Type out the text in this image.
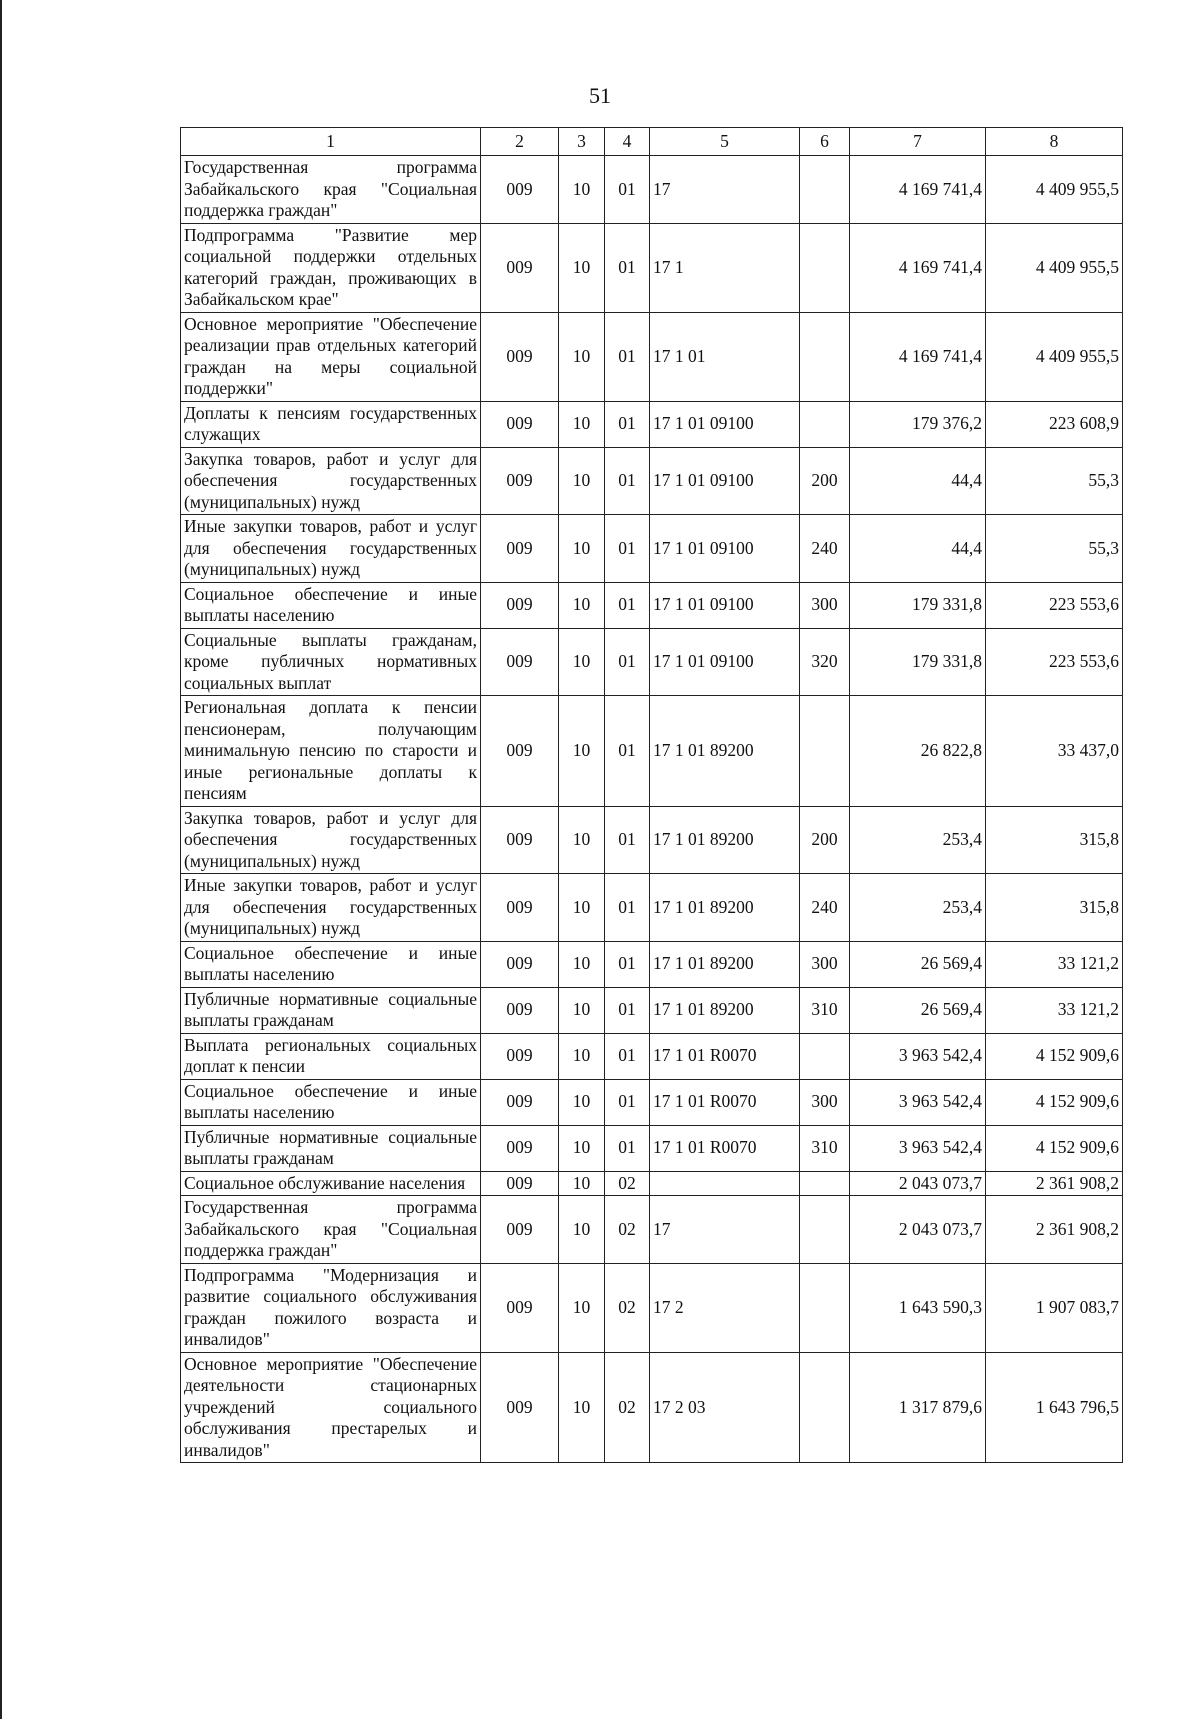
51
1	2	3	4	5	6	7	8
Государственная программа Забайкальского края "Социальная поддержка граждан"	009	10	01	17		4 169 741,4	4 409 955,5
Подпрограмма "Развитие мер социальной поддержки отдельных категорий граждан, проживающих в Забайкальском крае"	009	10	01	17 1		4 169 741,4	4 409 955,5
Основное мероприятие "Обеспечение реализации прав отдельных категорий граждан на меры социальной поддержки"	009	10	01	17 1 01		4 169 741,4	4 409 955,5
Доплаты к пенсиям государственных служащих	009	10	01	17 1 01 09100		179 376,2	223 608,9
Закупка товаров, работ и услуг для обеспечения государственных (муниципальных) нужд	009	10	01	17 1 01 09100	200	44,4	55,3
Иные закупки товаров, работ и услуг для обеспечения государственных (муниципальных) нужд	009	10	01	17 1 01 09100	240	44,4	55,3
Социальное обеспечение и иные выплаты населению	009	10	01	17 1 01 09100	300	179 331,8	223 553,6
Социальные выплаты гражданам, кроме публичных нормативных социальных выплат	009	10	01	17 1 01 09100	320	179 331,8	223 553,6
Региональная доплата к пенсии пенсионерам, получающим минимальную пенсию по старости и иные региональные доплаты к пенсиям	009	10	01	17 1 01 89200		26 822,8	33 437,0
Закупка товаров, работ и услуг для обеспечения государственных (муниципальных) нужд	009	10	01	17 1 01 89200	200	253,4	315,8
Иные закупки товаров, работ и услуг для обеспечения государственных (муниципальных) нужд	009	10	01	17 1 01 89200	240	253,4	315,8
Социальное обеспечение и иные выплаты населению	009	10	01	17 1 01 89200	300	26 569,4	33 121,2
Публичные нормативные социальные выплаты гражданам	009	10	01	17 1 01 89200	310	26 569,4	33 121,2
Выплата региональных социальных доплат к пенсии	009	10	01	17 1 01 R0070		3 963 542,4	4 152 909,6
Социальное обеспечение и иные выплаты населению	009	10	01	17 1 01 R0070	300	3 963 542,4	4 152 909,6
Публичные нормативные социальные выплаты гражданам	009	10	01	17 1 01 R0070	310	3 963 542,4	4 152 909,6
Социальное обслуживание населения	009	10	02			2 043 073,7	2 361 908,2
Государственная программа Забайкальского края "Социальная поддержка граждан"	009	10	02	17		2 043 073,7	2 361 908,2
Подпрограмма "Модернизация и развитие социального обслуживания граждан пожилого возраста и инвалидов"	009	10	02	17 2		1 643 590,3	1 907 083,7
Основное мероприятие "Обеспечение деятельности стационарных учреждений социального обслуживания престарелых и инвалидов"	009	10	02	17 2 03		1 317 879,6	1 643 796,5
